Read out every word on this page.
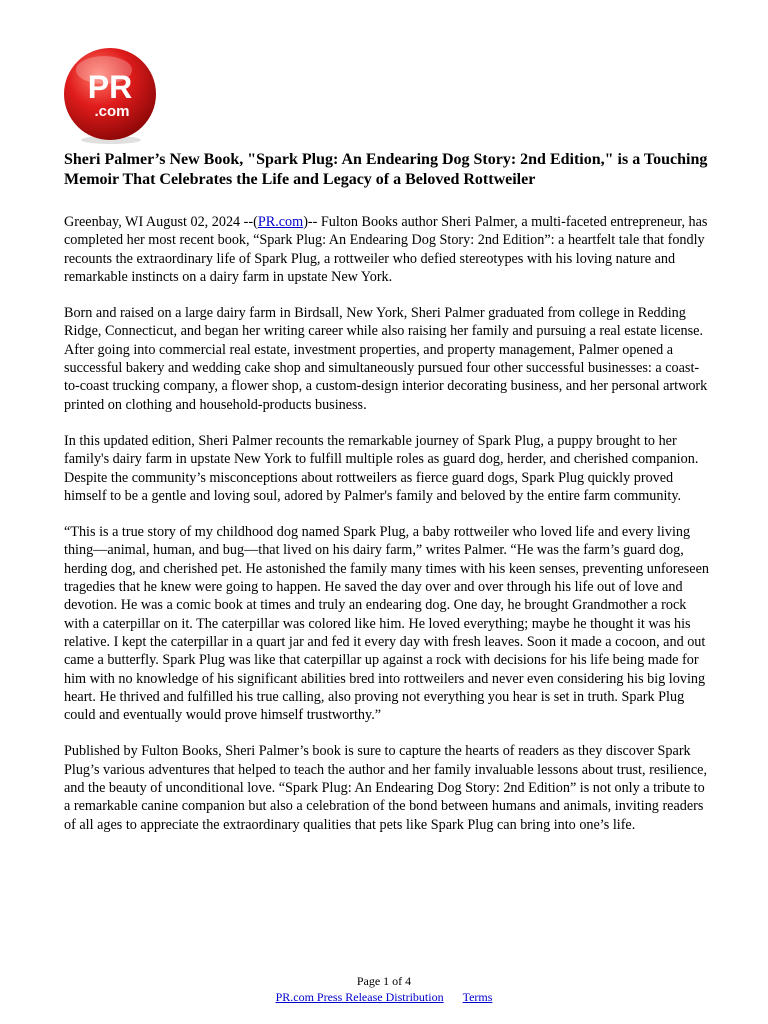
PR
.com
Sheri Palmer’s New Book, "Spark Plug: An Endearing Dog Story: 2nd Edition," is a Touching Memoir That Celebrates the Life and Legacy of a Beloved Rottweiler

Greenbay, WI August 02, 2024 --(PR.com)-- Fulton Books author Sheri Palmer, a multi-faceted entrepreneur, has completed her most recent book, “Spark Plug: An Endearing Dog Story: 2nd Edition”: a heartfelt tale that fondly recounts the extraordinary life of Spark Plug, a rottweiler who defied stereotypes with his loving nature and remarkable instincts on a dairy farm in upstate New York.

Born and raised on a large dairy farm in Birdsall, New York, Sheri Palmer graduated from college in Redding Ridge, Connecticut, and began her writing career while also raising her family and pursuing a real estate license. After going into commercial real estate, investment properties, and property management, Palmer opened a successful bakery and wedding cake shop and simultaneously pursued four other successful businesses: a coast-to-coast trucking company, a flower shop, a custom-design interior decorating business, and her personal artwork printed on clothing and household-products business.

In this updated edition, Sheri Palmer recounts the remarkable journey of Spark Plug, a puppy brought to her family's dairy farm in upstate New York to fulfill multiple roles as guard dog, herder, and cherished companion. Despite the community’s misconceptions about rottweilers as fierce guard dogs, Spark Plug quickly proved himself to be a gentle and loving soul, adored by Palmer's family and beloved by the entire farm community.

“This is a true story of my childhood dog named Spark Plug, a baby rottweiler who loved life and every living thing—animal, human, and bug—that lived on his dairy farm,” writes Palmer. “He was the farm’s guard dog, herding dog, and cherished pet. He astonished the family many times with his keen senses, preventing unforeseen tragedies that he knew were going to happen. He saved the day over and over through his life out of love and devotion. He was a comic book at times and truly an endearing dog. One day, he brought Grandmother a rock with a caterpillar on it. The caterpillar was colored like him. He loved everything; maybe he thought it was his relative. I kept the caterpillar in a quart jar and fed it every day with fresh leaves. Soon it made a cocoon, and out came a butterfly. Spark Plug was like that caterpillar up against a rock with decisions for his life being made for him with no knowledge of his significant abilities bred into rottweilers and never even considering his big loving heart. He thrived and fulfilled his true calling, also proving not everything you hear is set in truth. Spark Plug could and eventually would prove himself trustworthy.”

Published by Fulton Books, Sheri Palmer’s book is sure to capture the hearts of readers as they discover Spark Plug’s various adventures that helped to teach the author and her family invaluable lessons about trust, resilience, and the beauty of unconditional love. “Spark Plug: An Endearing Dog Story: 2nd Edition” is not only a tribute to a remarkable canine companion but also a celebration of the bond between humans and animals, inviting readers of all ages to appreciate the extraordinary qualities that pets like Spark Plug can bring into one’s life.

Page 1 of 4
PR.com Press Release Distribution Terms
